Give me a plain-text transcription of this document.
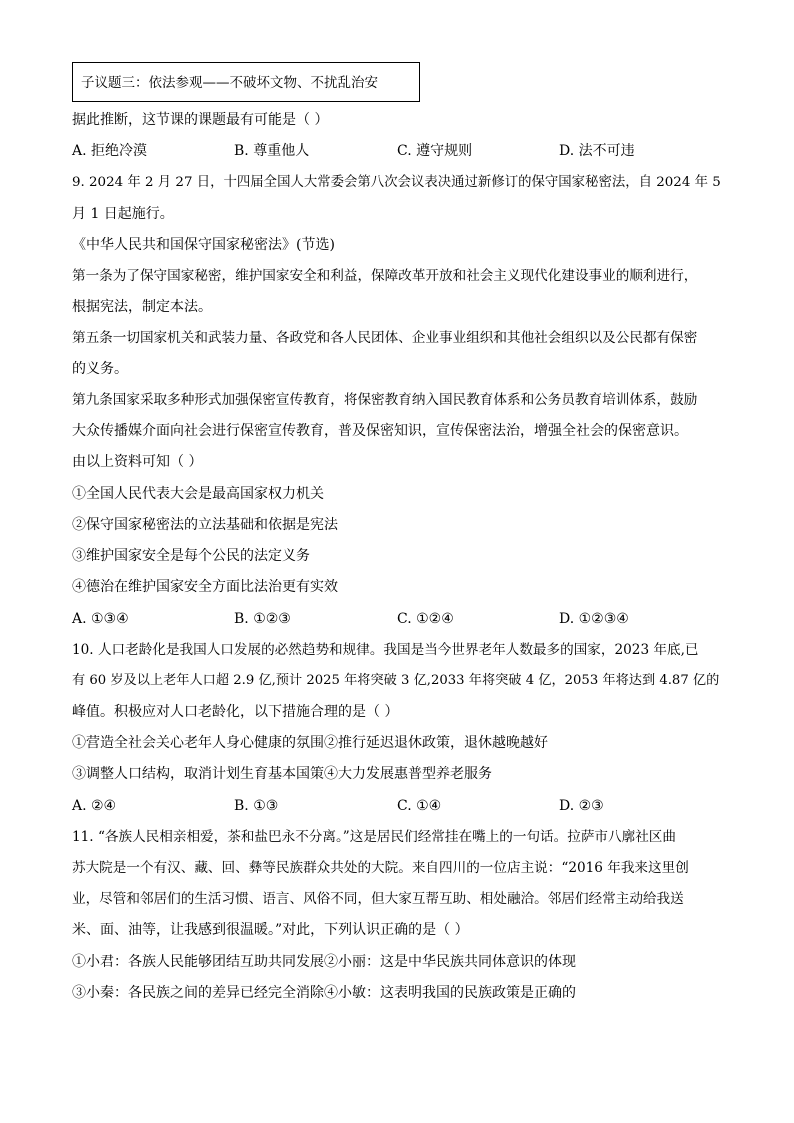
子议题三：依法参观——不破坏文物、不扰乱治安
据此推断，这节课的课题最有可能是（ ）
A. 拒绝冷漠	B. 尊重他人	C. 遵守规则	D. 法不可违
9. 2024 年 2 月 27 日，十四届全国人大常委会第八次会议表决通过新修订的保守国家秘密法，自 2024 年 5
月 1 日起施行。
《中华人民共和国保守国家秘密法》(节选)
第一条为了保守国家秘密，维护国家安全和利益，保障改革开放和社会主义现代化建设事业的顺利进行，
根据宪法，制定本法。
第五条一切国家机关和武装力量、各政党和各人民团体、企业事业组织和其他社会组织以及公民都有保密
的义务。
第九条国家采取多种形式加强保密宣传教育，将保密教育纳入国民教育体系和公务员教育培训体系，鼓励
大众传播媒介面向社会进行保密宣传教育，普及保密知识，宣传保密法治，增强全社会的保密意识。
由以上资料可知（ ）
①全国人民代表大会是最高国家权力机关
②保守国家秘密法的立法基础和依据是宪法
③维护国家安全是每个公民的法定义务
④德治在维护国家安全方面比法治更有实效
A. ①③④	B. ①②③	C. ①②④	D. ①②③④
10. 人口老龄化是我国人口发展的必然趋势和规律。我国是当今世界老年人数最多的国家，2023 年底,已
有 60 岁及以上老年人口超 2.9 亿,预计 2025 年将突破 3 亿,2033 年将突破 4 亿，2053 年将达到 4.87 亿的
峰值。积极应对人口老龄化，以下措施合理的是（ ）
①营造全社会关心老年人身心健康的氛围②推行延迟退休政策，退休越晚越好
③调整人口结构，取消计划生育基本国策④大力发展惠普型养老服务
A. ②④	B. ①③	C. ①④	D. ②③
11. “各族人民相亲相爱，茶和盐巴永不分离。”这是居民们经常挂在嘴上的一句话。拉萨市八廓社区曲
苏大院是一个有汉、藏、回、彝等民族群众共处的大院。来自四川的一位店主说：“2016 年我来这里创
业，尽管和邻居们的生活习惯、语言、风俗不同，但大家互帮互助、相处融洽。邻居们经常主动给我送
米、面、油等，让我感到很温暖。”对此，下列认识正确的是（ ）
①小君：各族人民能够团结互助共同发展②小丽：这是中华民族共同体意识的体现
③小秦：各民族之间的差异已经完全消除④小敏：这表明我国的民族政策是正确的
